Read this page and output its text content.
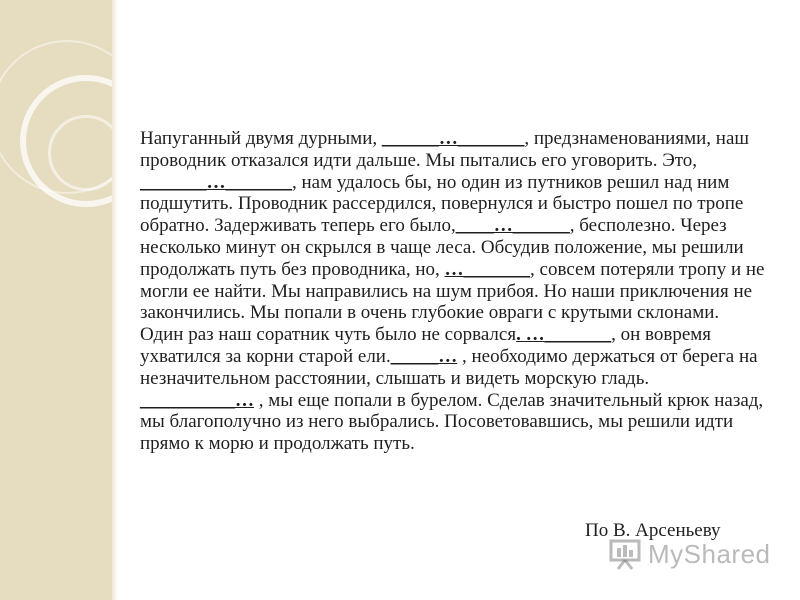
Напуганный двумя дурными, ______…_______, предзнаменованиями, наш проводник отказался идти дальше. Мы пытались его уговорить. Это, _______…_______, нам удалось бы, но один из путников решил над ним подшутить. Проводник рассердился, повернулся и быстро пошел по тропе обратно. Задерживать теперь его было,____…______, бесполезно. Через несколько минут он скрылся в чаще леса. Обсудив положение, мы решили продолжать путь без проводника, но, …_______, совсем потеряли тропу и не могли ее найти. Мы направились на шум прибоя. Но наши приключения не закончились. Мы попали в очень глубокие овраги с крутыми склонами. Один раз наш соратник чуть было не сорвался. …_______, он вовремя ухватился за корни старой ели._____… , необходимо держаться от берега на незначительном расстоянии, слышать и видеть морскую гладь. __________… , мы еще попали в бурелом. Сделав значительный крюк назад, мы благополучно из него выбрались. Посоветовавшись, мы решили идти прямо к морю и продолжать путь.

По В. Арсеньеву
MyShared
